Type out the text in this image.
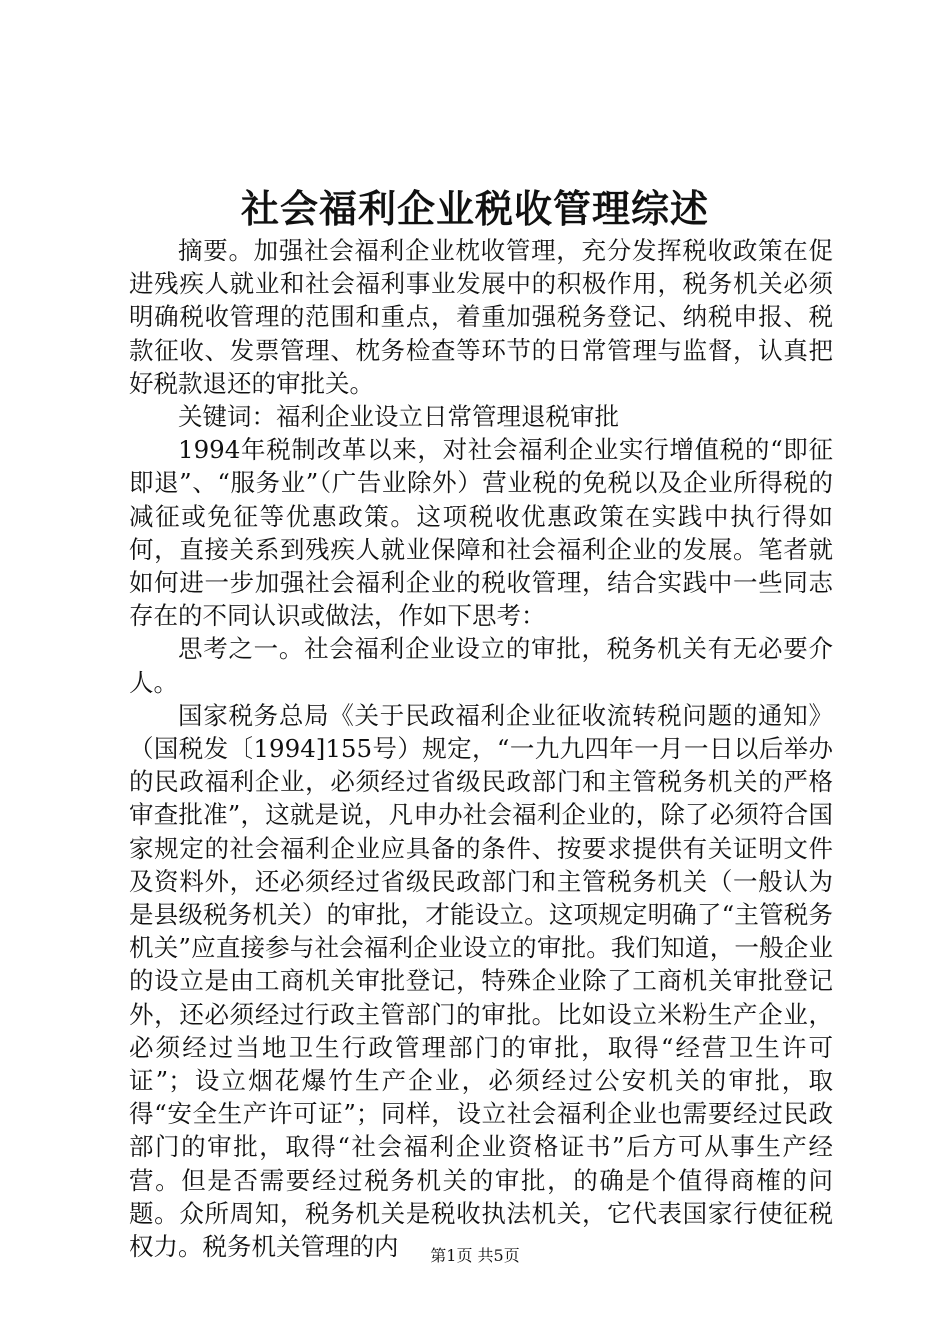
社会福利企业税收管理综述

摘要。加强社会福利企业枕收管理，充分发挥税收政策在促进残疾人就业和社会福利事业发展中的积极作用，税务机关必须明确税收管理的范围和重点，着重加强税务登记、纳税申报、税款征收、发票管理、枕务检查等环节的日常管理与监督，认真把好税款退还的审批关。

关键词：福利企业设立日常管理退税审批

1994年税制改革以来，对社会福利企业实行增值税的“即征即退”、“服务业”（广告业除外）营业税的免税以及企业所得税的减征或免征等优惠政策。这项税收优惠政策在实践中执行得如何，直接关系到残疾人就业保障和社会福利企业的发展。笔者就如何进一步加强社会福利企业的税收管理，结合实践中一些同志存在的不同认识或做法，作如下思考：

思考之一。社会福利企业设立的审批，税务机关有无必要介人。

国家税务总局《关于民政福利企业征收流转税问题的通知》（国税发〔1994]155号）规定，“一九九四年一月一日以后举办的民政福利企业，必须经过省级民政部门和主管税务机关的严格审查批准”，这就是说，凡申办社会福利企业的，除了必须符合国家规定的社会福利企业应具备的条件、按要求提供有关证明文件及资料外，还必须经过省级民政部门和主管税务机关（一般认为是县级税务机关）的审批，才能设立。这项规定明确了“主管税务机关”应直接参与社会福利企业设立的审批。我们知道，一般企业的设立是由工商机关审批登记，特殊企业除了工商机关审批登记外，还必须经过行政主管部门的审批。比如设立米粉生产企业，必须经过当地卫生行政管理部门的审批，取得“经营卫生许可证”；设立烟花爆竹生产企业，必须经过公安机关的审批，取得“安全生产许可证”；同样，设立社会福利企业也需要经过民政部门的审批，取得“社会福利企业资格证书”后方可从事生产经营。但是否需要经过税务机关的审批，的确是个值得商榷的问题。众所周知，税务机关是税收执法机关，它代表国家行使征税权力。税务机关管理的内	第1页 共5页
